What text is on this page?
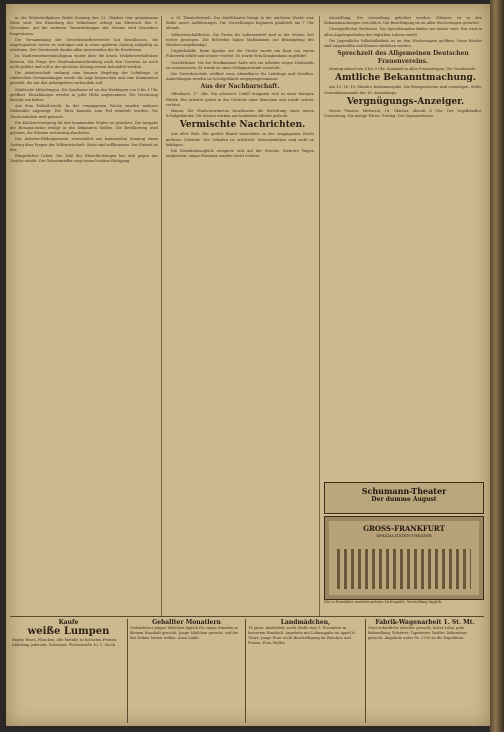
in des Winterhalbjahres findet Sonntag den 21. Oktober eine gemeinsame Fahrt statt. Die Einteilung der Teilnehmer erfolgt am Mittwoch den 9. November. Auf die weiteren Veranstaltungen des Vereins wird besonders hingewiesen.

Die Versammlung der Gewerkschaftsvertreter hat beschlossen, die Angelegenheit weiter zu verfolgen und in einer späteren Sitzung endgültig zu erledigen. Der Vorsitzende dankte allen Anwesenden für ihr Erscheinen.

Im Stadtverordnetenkollegium wurde über die neuen Verkehrsverhältnisse beraten. Die Frage der Straßenbahnverbindung nach den Vororten ist noch nicht geklärt und soll in der nächsten Sitzung erneut behandelt werden.

Die Arbeiterschaft verlangt eine bessere Regelung der Lohnfrage. In zahlreichen Versammlungen wurde die Lage besprochen und eine Kommission gewählt, die mit den Arbeitgebern verhandeln soll.

Städtische Mitteilungen. Die Sparkasse ist an den Werktagen von 8 bis 1 Uhr geöffnet. Einzahlungen werden in jeder Höhe angenommen. Die Verzinsung beträgt wie bisher.

Aus dem Polizeibericht. In der vergangenen Woche wurden mehrere Diebstähle angezeigt. Die Täter konnten zum Teil ermittelt werden. Vor Taschendieben wird gewarnt.

Die Kohlenversorgung für den kommenden Winter ist gesichert. Die Ausgabe der Bezugsscheine erfolgt in den bekannten Stellen. Die Bevölkerung wird gebeten, die Scheine rechtzeitig abzuholen.

Der Arbeiter-Bildungsverein veranstaltet am kommenden Sonntag einen Vortrag über Fragen der Volkswirtschaft. Gäste sind willkommen. Der Eintritt ist frei.

Bürgerliches Leben. Die Zahl der Eheschließungen hat sich gegen das Vorjahr erhöht. Die Geburtenziffer zeigt einen leichten Rückgang.

u. M. Theaterbetrieb. Das Stadttheater bringt in der nächsten Woche eine Reihe neuer Aufführungen. Die Vorstellungen beginnen pünktlich um 7 Uhr abends.

Volkswirtschaftliches. Die Preise für Lebensmittel sind in der letzten Zeit weiter gestiegen. Die Behörden haben Maßnahmen zur Bekämpfung des Wuchers angekündigt.

Unglücksfälle. Beim Spielen auf der Straße wurde ein Kind von einem Fuhrwerk erfaßt und schwer verletzt. Es wurde dem Krankenhaus zugeführt.

Gerichtliches. Vor der Strafkammer hatte sich ein Arbeiter wegen Diebstahls zu verantworten. Er wurde zu einer Gefängnisstrafe verurteilt.

Die Gewerbeschule eröffnet neue Abendkurse für Lehrlinge und Gesellen. Anmeldungen werden im Schulgebäude entgegengenommen.

Aus der Nachbarschaft.

Offenbach, 17. Okt. Ein schwerer Unfall ereignete sich in einer hiesigen Fabrik. Ein Arbeiter geriet in das Getriebe einer Maschine und wurde schwer verletzt.

Hanau. Die Stadtverordneten beschlossen die Errichtung eines neuen Schulgebäudes. Die Kosten werden aus laufenden Mitteln gedeckt.

Vermischte Nachrichten.

Aus aller Welt. Ein großer Brand vernichtete in der vergangenen Nacht mehrere Gebäude. Der Schaden ist erheblich. Menschenleben sind nicht zu beklagen.

Ein Eisenbahnunglück ereignete sich auf der Strecke. Mehrere Wagen entgleisten; einige Reisende wurden leicht verletzt.

Ausstellung. Die Ausstellung gelichtet werden. Näheres ist in den Bekanntmachungen ersichtlich. Die Besichtigung ist an allen Wochentagen gestattet.

Unentgeltlicher Rechtsrat. Die Sprechstunden finden wie bisher statt. Rat wird in allen Angelegenheiten des täglichen Lebens erteilt.

Die Jugendliche Volksbibliothek ist an den Wochentagen geöffnet. Neue Bücher sind eingetroffen und können entliehen werden.

Sprechzeit des Allgemeinen Deutschen Frauenvereins.

Montag Abend von 8 bis 9 Uhr. Auskunft in allen Frauenfragen. Die Vorsitzende.

Amtliche Bekanntmachung.

Am 15. 16. 18. Oktober Kohlenausgabe. Die Bezugsscheine sind vorzulegen. Stellv. Generalkommando des 18. Armeekorps.

Vergnügungs-Anzeiger.

Neues Theater. Mittwoch, 18. Oktober, abends 8 Uhr: Der Vogelhändler. Donnerstag: Die lustige Witwe. Freitag: Der Zigeunerbaron.

Schumann-Theater
Der dumme August
GROSS-FRANKFURT
SPEZIALITÄTEN-THEATER
Die in Frankfurt meistbesuchten Lichtspiele. Vorstellung täglich.
Kaufe
weiße Lumpen
Papier, Eisen, Flaschen, alte Metalle zu höchsten Preisen. Abholung jederzeit. Schreiner, Fichtestraße 10, 1. Stock.
Geballter Monatlern
Ordentlicher junger Mädchen täglich für einige Stunden in kleinen Haushalt gesucht. Junge Mädchen gesucht, welche das Nähen lernen wollen. Anna Linde.
Landmädchen,
18 Jahre, kinderlieb, sucht Stelle zum 1. November in besserem Haushalt. Angebote mit Lohnangabe an Appel & Thore. Junge Frau sucht Beschäftigung im Waschen und Putzen. Frau Müller.
Fabrik-Wagenarbeit 1. St. Mt.
Zwei ordentliche Arbeiter gesucht, hoher Lohn, gute Behandlung. Polsterer, Tapezierer, Sattler, Dekorateur gesucht. Angebote unter Nr. 2700 an die Expedition.
